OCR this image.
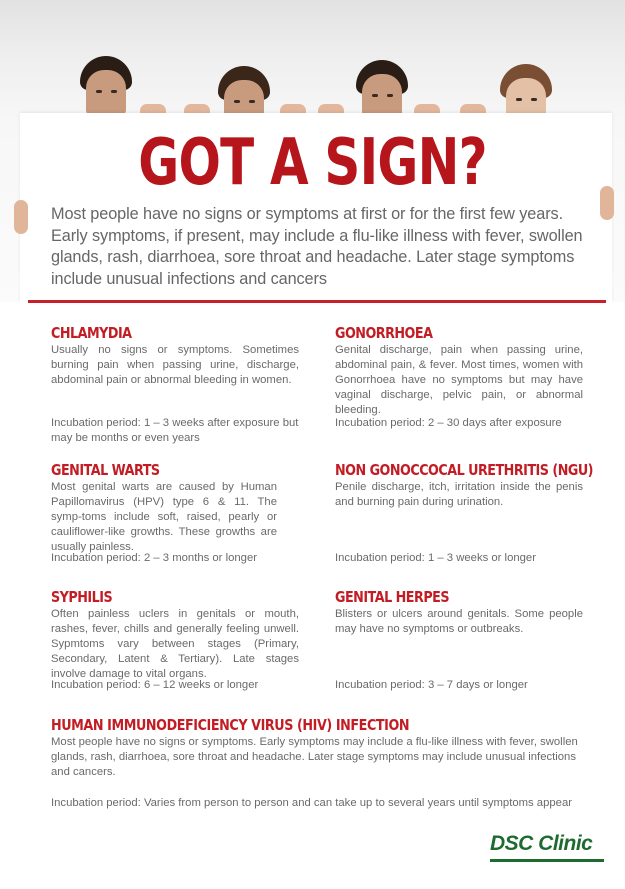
GOT A SIGN?
Most people have no signs or symptoms at first or for the first few years. Early symptoms, if present, may include a flu-like illness with fever, swollen glands, rash, diarrhoea, sore throat and headache. Later stage symptoms include unusual infections and cancers
CHLAMYDIA
Usually no signs or symptoms. Sometimes burning pain when passing urine, discharge, abdominal pain or abnormal bleeding in women.
Incubation period: 1 – 3 weeks after exposure but may be months or even years
GONORRHOEA
Genital discharge, pain when passing urine, abdominal pain, & fever. Most times, women with Gonorrhoea have no symptoms but may have vaginal discharge, pelvic pain, or abnormal bleeding.
Incubation period: 2 – 30 days after exposure
GENITAL WARTS
Most genital warts are caused by Human Papillomavirus (HPV) type 6 & 11. The symp-toms include soft, raised, pearly or cauliflower-like growths. These growths are usually painless.
Incubation period: 2 – 3 months or longer
NON GONOCCOCAL URETHRITIS (NGU)
Penile discharge, itch, irritation inside the penis and burning pain during urination.
Incubation period: 1 – 3 weeks or longer
SYPHILIS
Often painless uclers in genitals or mouth, rashes, fever, chills and generally feeling unwell. Sypmtoms vary between stages (Primary, Secondary, Latent & Tertiary). Late stages involve damage to vital organs.
Incubation period: 6 – 12 weeks or longer
GENITAL HERPES
Blisters or ulcers around genitals. Some people may have no symptoms or outbreaks.
Incubation period: 3 – 7 days or longer
HUMAN IMMUNODEFICIENCY VIRUS (HIV) INFECTION
Most people have no signs or symptoms. Early symptoms may include a flu-like illness with fever, swollen glands, rash, diarrhoea, sore throat and headache. Later stage symptoms may include unusual infections and cancers.
Incubation period: Varies from person to person and can take up to several years until symptoms appear
DSC Clinic
